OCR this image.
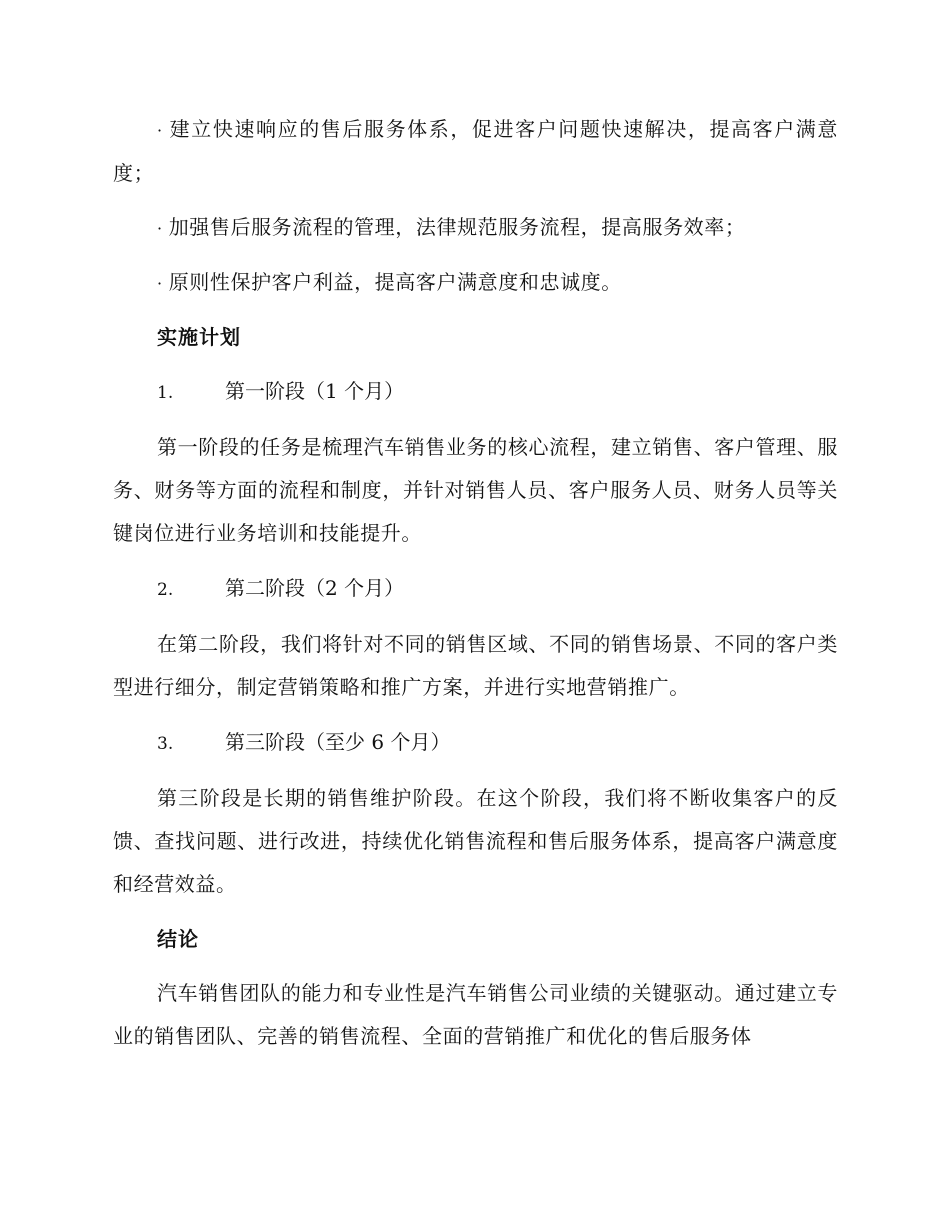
· 建立快速响应的售后服务体系，促进客户问题快速解决，提高客户满意度；

· 加强售后服务流程的管理，法律规范服务流程，提高服务效率；

· 原则性保护客户利益，提高客户满意度和忠诚度。

实施计划
1.	第一阶段（1 个月）

第一阶段的任务是梳理汽车销售业务的核心流程，建立销售、客户管理、服务、财务等方面的流程和制度，并针对销售人员、客户服务人员、财务人员等关键岗位进行业务培训和技能提升。

2.	第二阶段（2 个月）

在第二阶段，我们将针对不同的销售区域、不同的销售场景、不同的客户类型进行细分，制定营销策略和推广方案，并进行实地营销推广。

3.	第三阶段（至少 6 个月）

第三阶段是长期的销售维护阶段。在这个阶段，我们将不断收集客户的反馈、查找问题、进行改进，持续优化销售流程和售后服务体系，提高客户满意度和经营效益。

结论

汽车销售团队的能力和专业性是汽车销售公司业绩的关键驱动。通过建立专业的销售团队、完善的销售流程、全面的营销推广和优化的售后服务体
